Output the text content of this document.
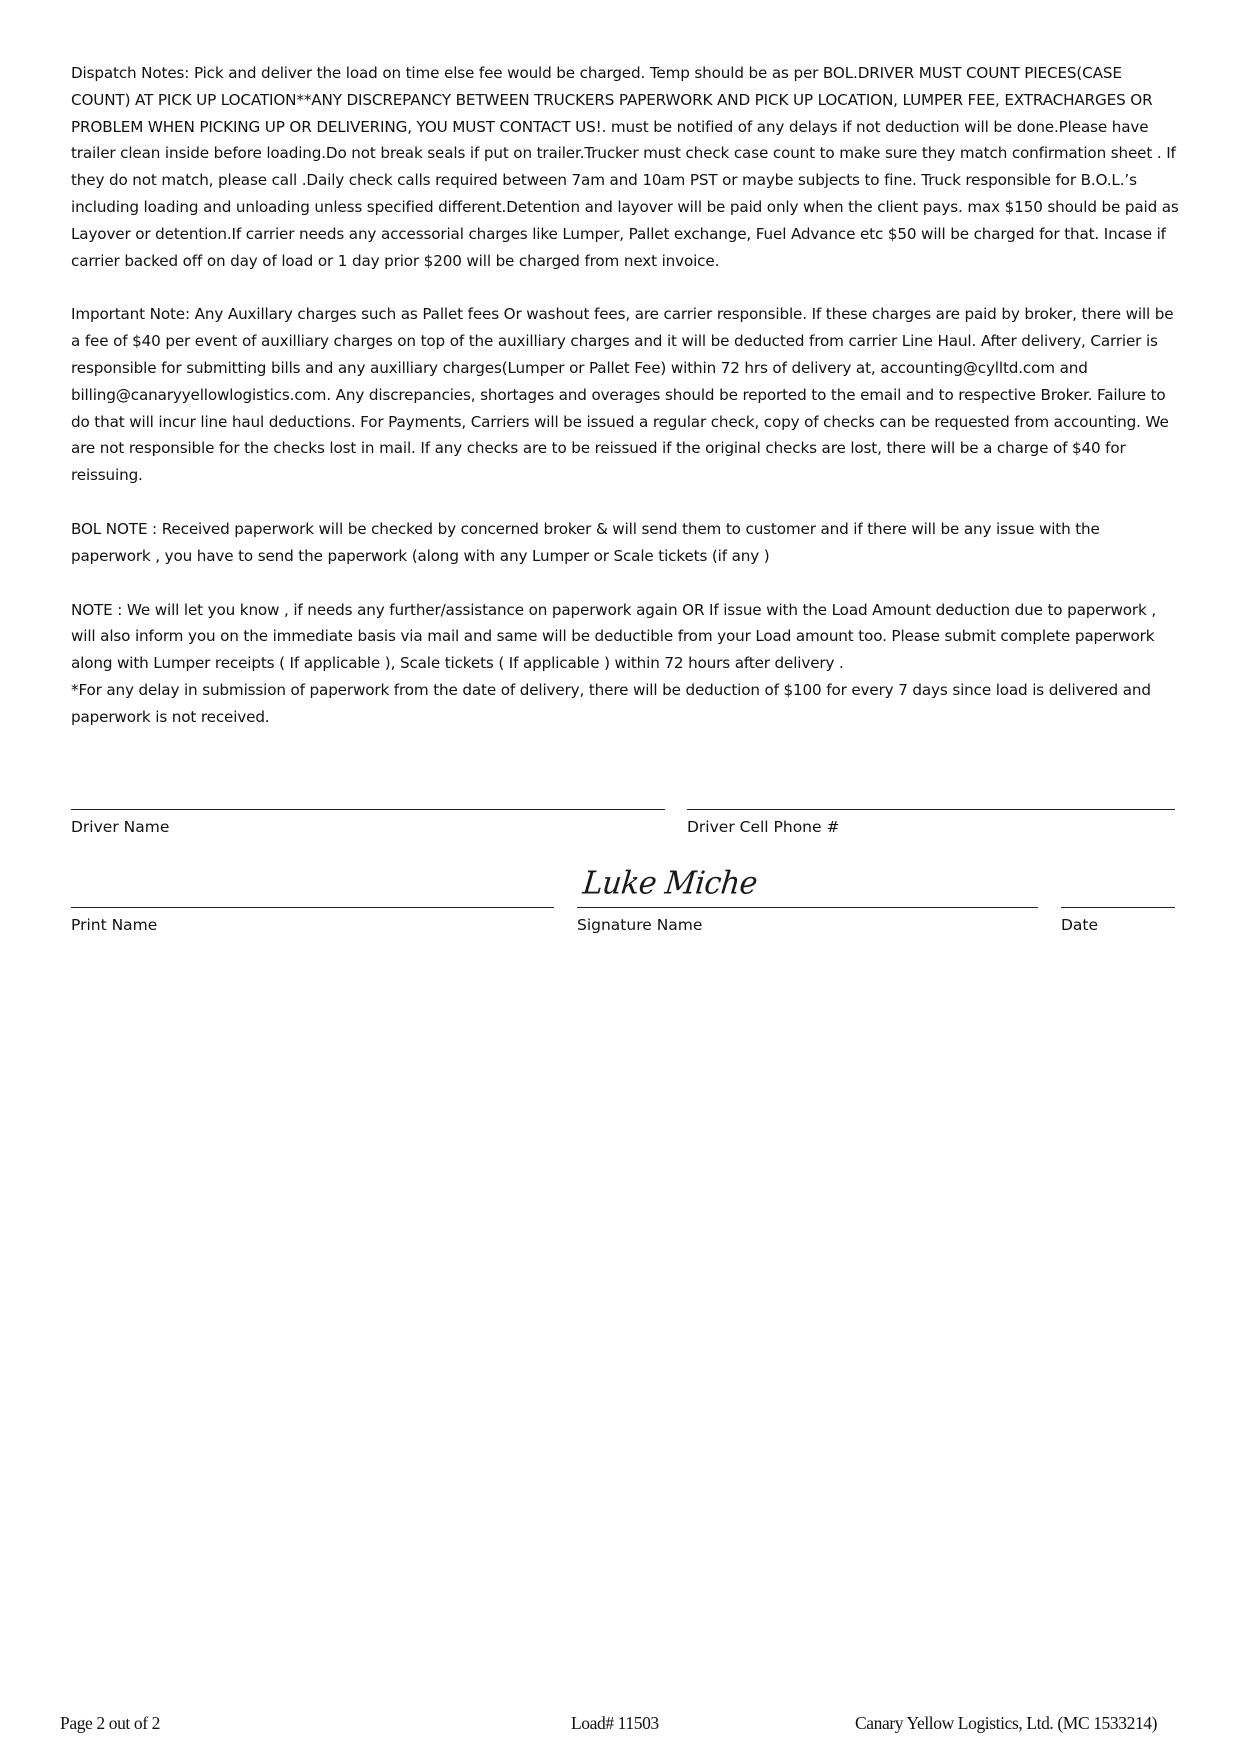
Dispatch Notes: Pick and deliver the load on time else fee would be charged. Temp should be as per BOL.DRIVER MUST COUNT PIECES(CASE COUNT) AT PICK UP LOCATION**ANY DISCREPANCY BETWEEN TRUCKERS PAPERWORK AND PICK UP LOCATION, LUMPER FEE, EXTRACHARGES OR PROBLEM WHEN PICKING UP OR DELIVERING, YOU MUST CONTACT US!. must be notified of any delays if not deduction will be done.Please have trailer clean inside before loading.Do not break seals if put on trailer.Trucker must check case count to make sure they match confirmation sheet . If they do not match, please call .Daily check calls required between 7am and 10am PST or maybe subjects to fine. Truck responsible for B.O.L.’s including loading and unloading unless specified different.Detention and layover will be paid only when the client pays. max $150 should be paid as Layover or detention.If carrier needs any accessorial charges like Lumper, Pallet exchange, Fuel Advance etc $50 will be charged for that. Incase if carrier backed off on day of load or 1 day prior $200 will be charged from next invoice.

Important Note: Any Auxillary charges such as Pallet fees Or washout fees, are carrier responsible. If these charges are paid by broker, there will be a fee of $40 per event of auxilliary charges on top of the auxilliary charges and it will be deducted from carrier Line Haul. After delivery, Carrier is responsible for submitting bills and any auxilliary charges(Lumper or Pallet Fee) within 72 hrs of delivery at, accounting@cylltd.com and billing@canaryyellowlogistics.com. Any discrepancies, shortages and overages should be reported to the email and to respective Broker. Failure to do that will incur line haul deductions. For Payments, Carriers will be issued a regular check, copy of checks can be requested from accounting. We are not responsible for the checks lost in mail. If any checks are to be reissued if the original checks are lost, there will be a charge of $40 for reissuing.

BOL NOTE : Received paperwork will be checked by concerned broker & will send them to customer and if there will be any issue with the paperwork , you have to send the paperwork (along with any Lumper or Scale tickets (if any )

NOTE : We will let you know , if needs any further/assistance on paperwork again OR If issue with the Load Amount deduction due to paperwork , will also inform you on the immediate basis via mail and same will be deductible from your Load amount too. Please submit complete paperwork along with Lumper receipts ( If applicable ), Scale tickets ( If applicable ) within 72 hours after delivery .
*For any delay in submission of paperwork from the date of delivery, there will be deduction of $100 for every 7 days since load is delivered and paperwork is not received.

Driver Name	Driver Cell Phone #
Luke Miche
Print Name	Signature Name	Date
Page 2 out of 2	Load# 11503	Canary Yellow Logistics, Ltd. (MC 1533214)
